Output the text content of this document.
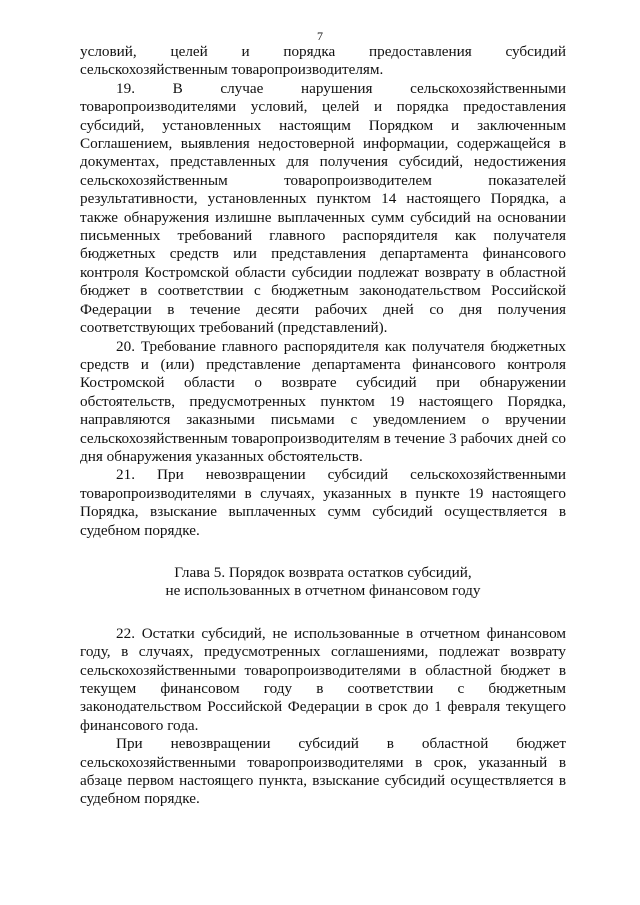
7

условий, целей и порядка предоставления субсидий сельскохозяйственным товаропроизводителям.

19. В случае нарушения сельскохозяйственными товаропроизводителями условий, целей и порядка предоставления субсидий, установленных настоящим Порядком и заключенным Соглашением, выявления недостоверной информации, содержащейся в документах, представленных для получения субсидий, недостижения сельскохозяйственным товаропроизводителем показателей результативности, установленных пунктом 14 настоящего Порядка, а также обнаружения излишне выплаченных сумм субсидий на основании письменных требований главного распорядителя как получателя бюджетных средств или представления департамента финансового контроля Костромской области субсидии подлежат возврату в областной бюджет в соответствии с бюджетным законодательством Российской Федерации в течение десяти рабочих дней со дня получения соответствующих требований (представлений).

20. Требование главного распорядителя как получателя бюджетных средств и (или) представление департамента финансового контроля Костромской области о возврате субсидий при обнаружении обстоятельств, предусмотренных пунктом 19 настоящего Порядка, направляются заказными письмами с уведомлением о вручении сельскохозяйственным товаропроизводителям в течение 3 рабочих дней со дня обнаружения указанных обстоятельств.

21. При невозвращении субсидий сельскохозяйственными товаропроизводителями в случаях, указанных в пункте 19 настоящего Порядка, взыскание выплаченных сумм субсидий осуществляется в судебном порядке.

Глава 5. Порядок возврата остатков субсидий,
не использованных в отчетном финансовом году

22. Остатки субсидий, не использованные в отчетном финансовом году, в случаях, предусмотренных соглашениями, подлежат возврату сельскохозяйственными товаропроизводителями в областной бюджет в текущем финансовом году в соответствии с бюджетным законодательством Российской Федерации в срок до 1 февраля текущего финансового года.

При невозвращении субсидий в областной бюджет сельскохозяйственными товаропроизводителями в срок, указанный в абзаце первом настоящего пункта, взыскание субсидий осуществляется в судебном порядке.
